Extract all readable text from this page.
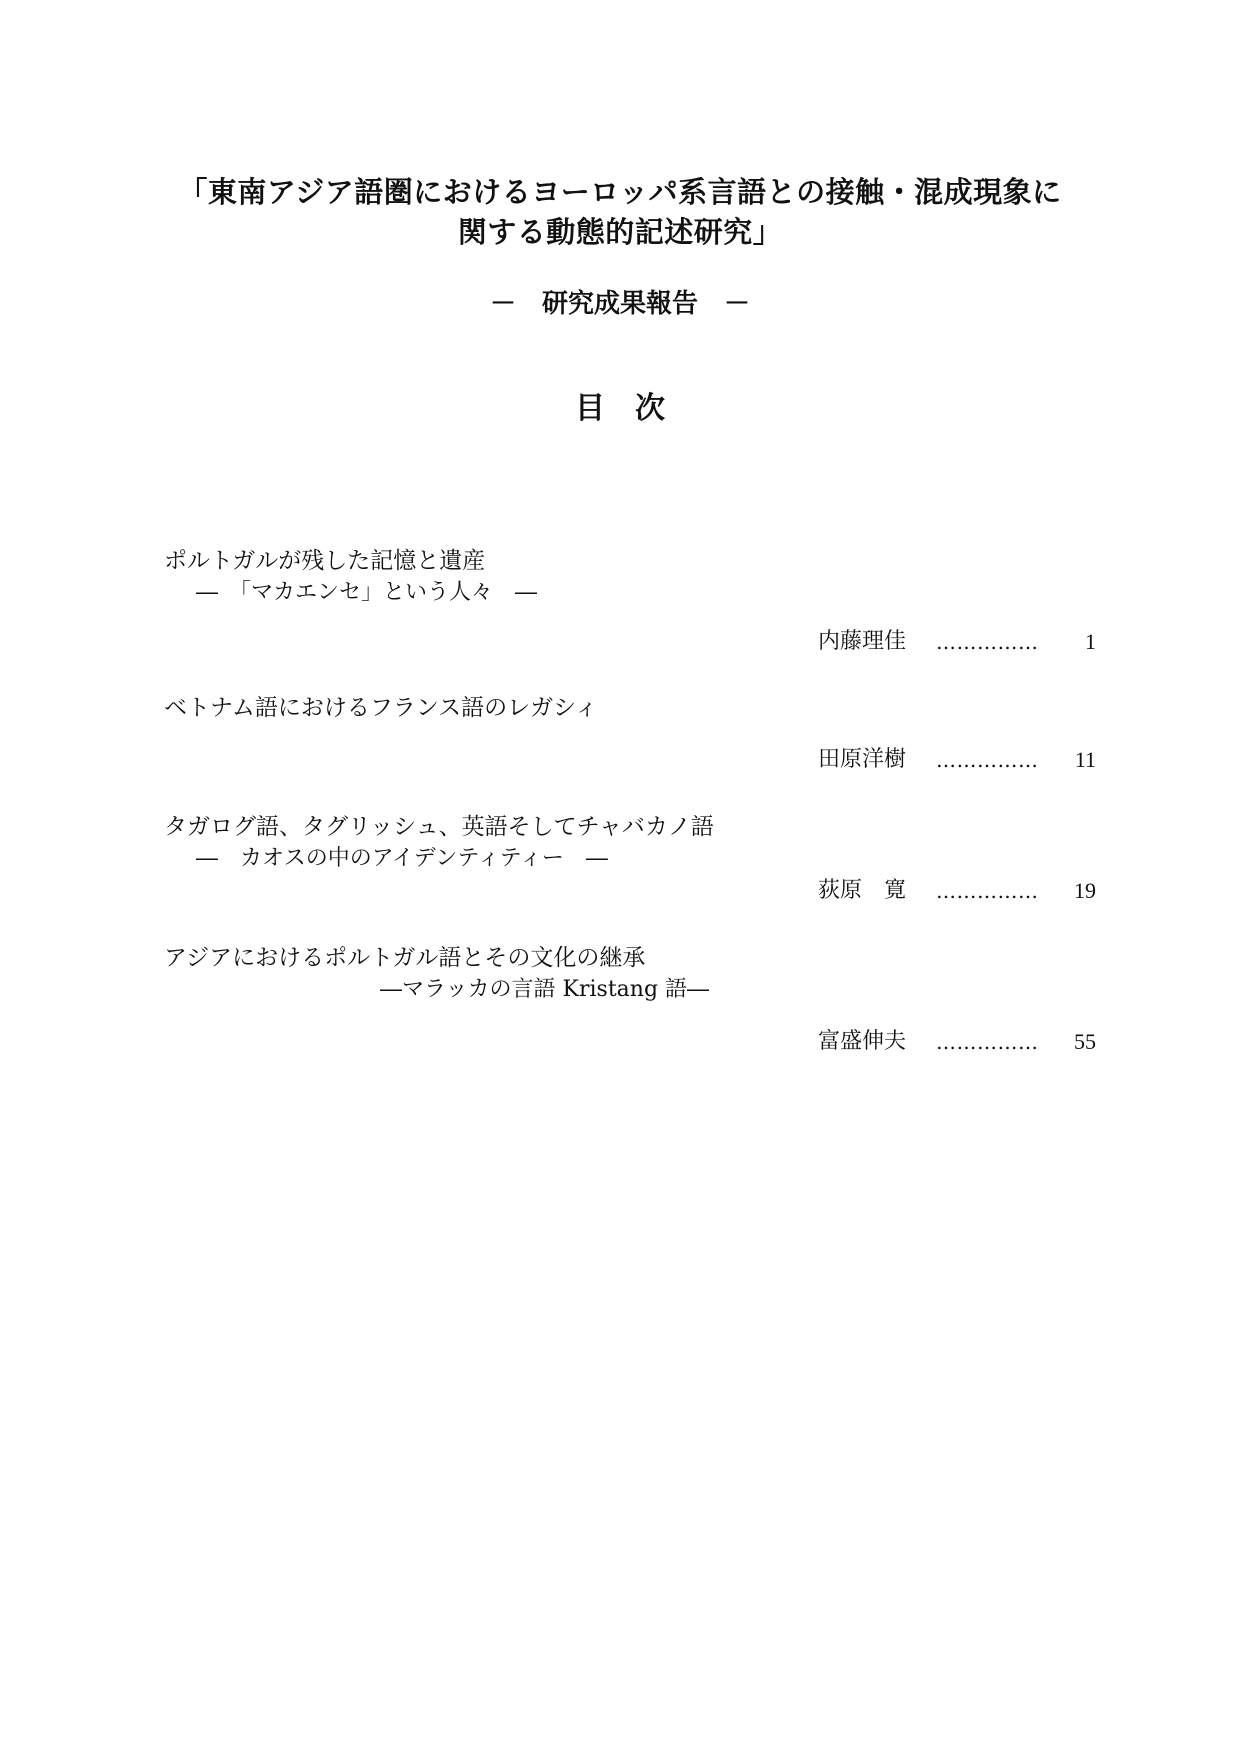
「東南アジア語圏におけるヨーロッパ系言語との接触・混成現象に
関する動態的記述研究」
－　研究成果報告　－
目　次
ポルトガルが残した記憶と遺産
―　「マカエンセ」という人々　―
内藤理佳 …………… 1
ベトナム語におけるフランス語のレガシィ
田原洋樹 …………… 11
タガログ語、タグリッシュ、英語そしてチャバカノ語
―　カオスの中のアイデンティティー　―
荻原　寛 …………… 19
アジアにおけるポルトガル語とその文化の継承
―マラッカの言語 Kristang 語―
富盛伸夫 …………… 55
